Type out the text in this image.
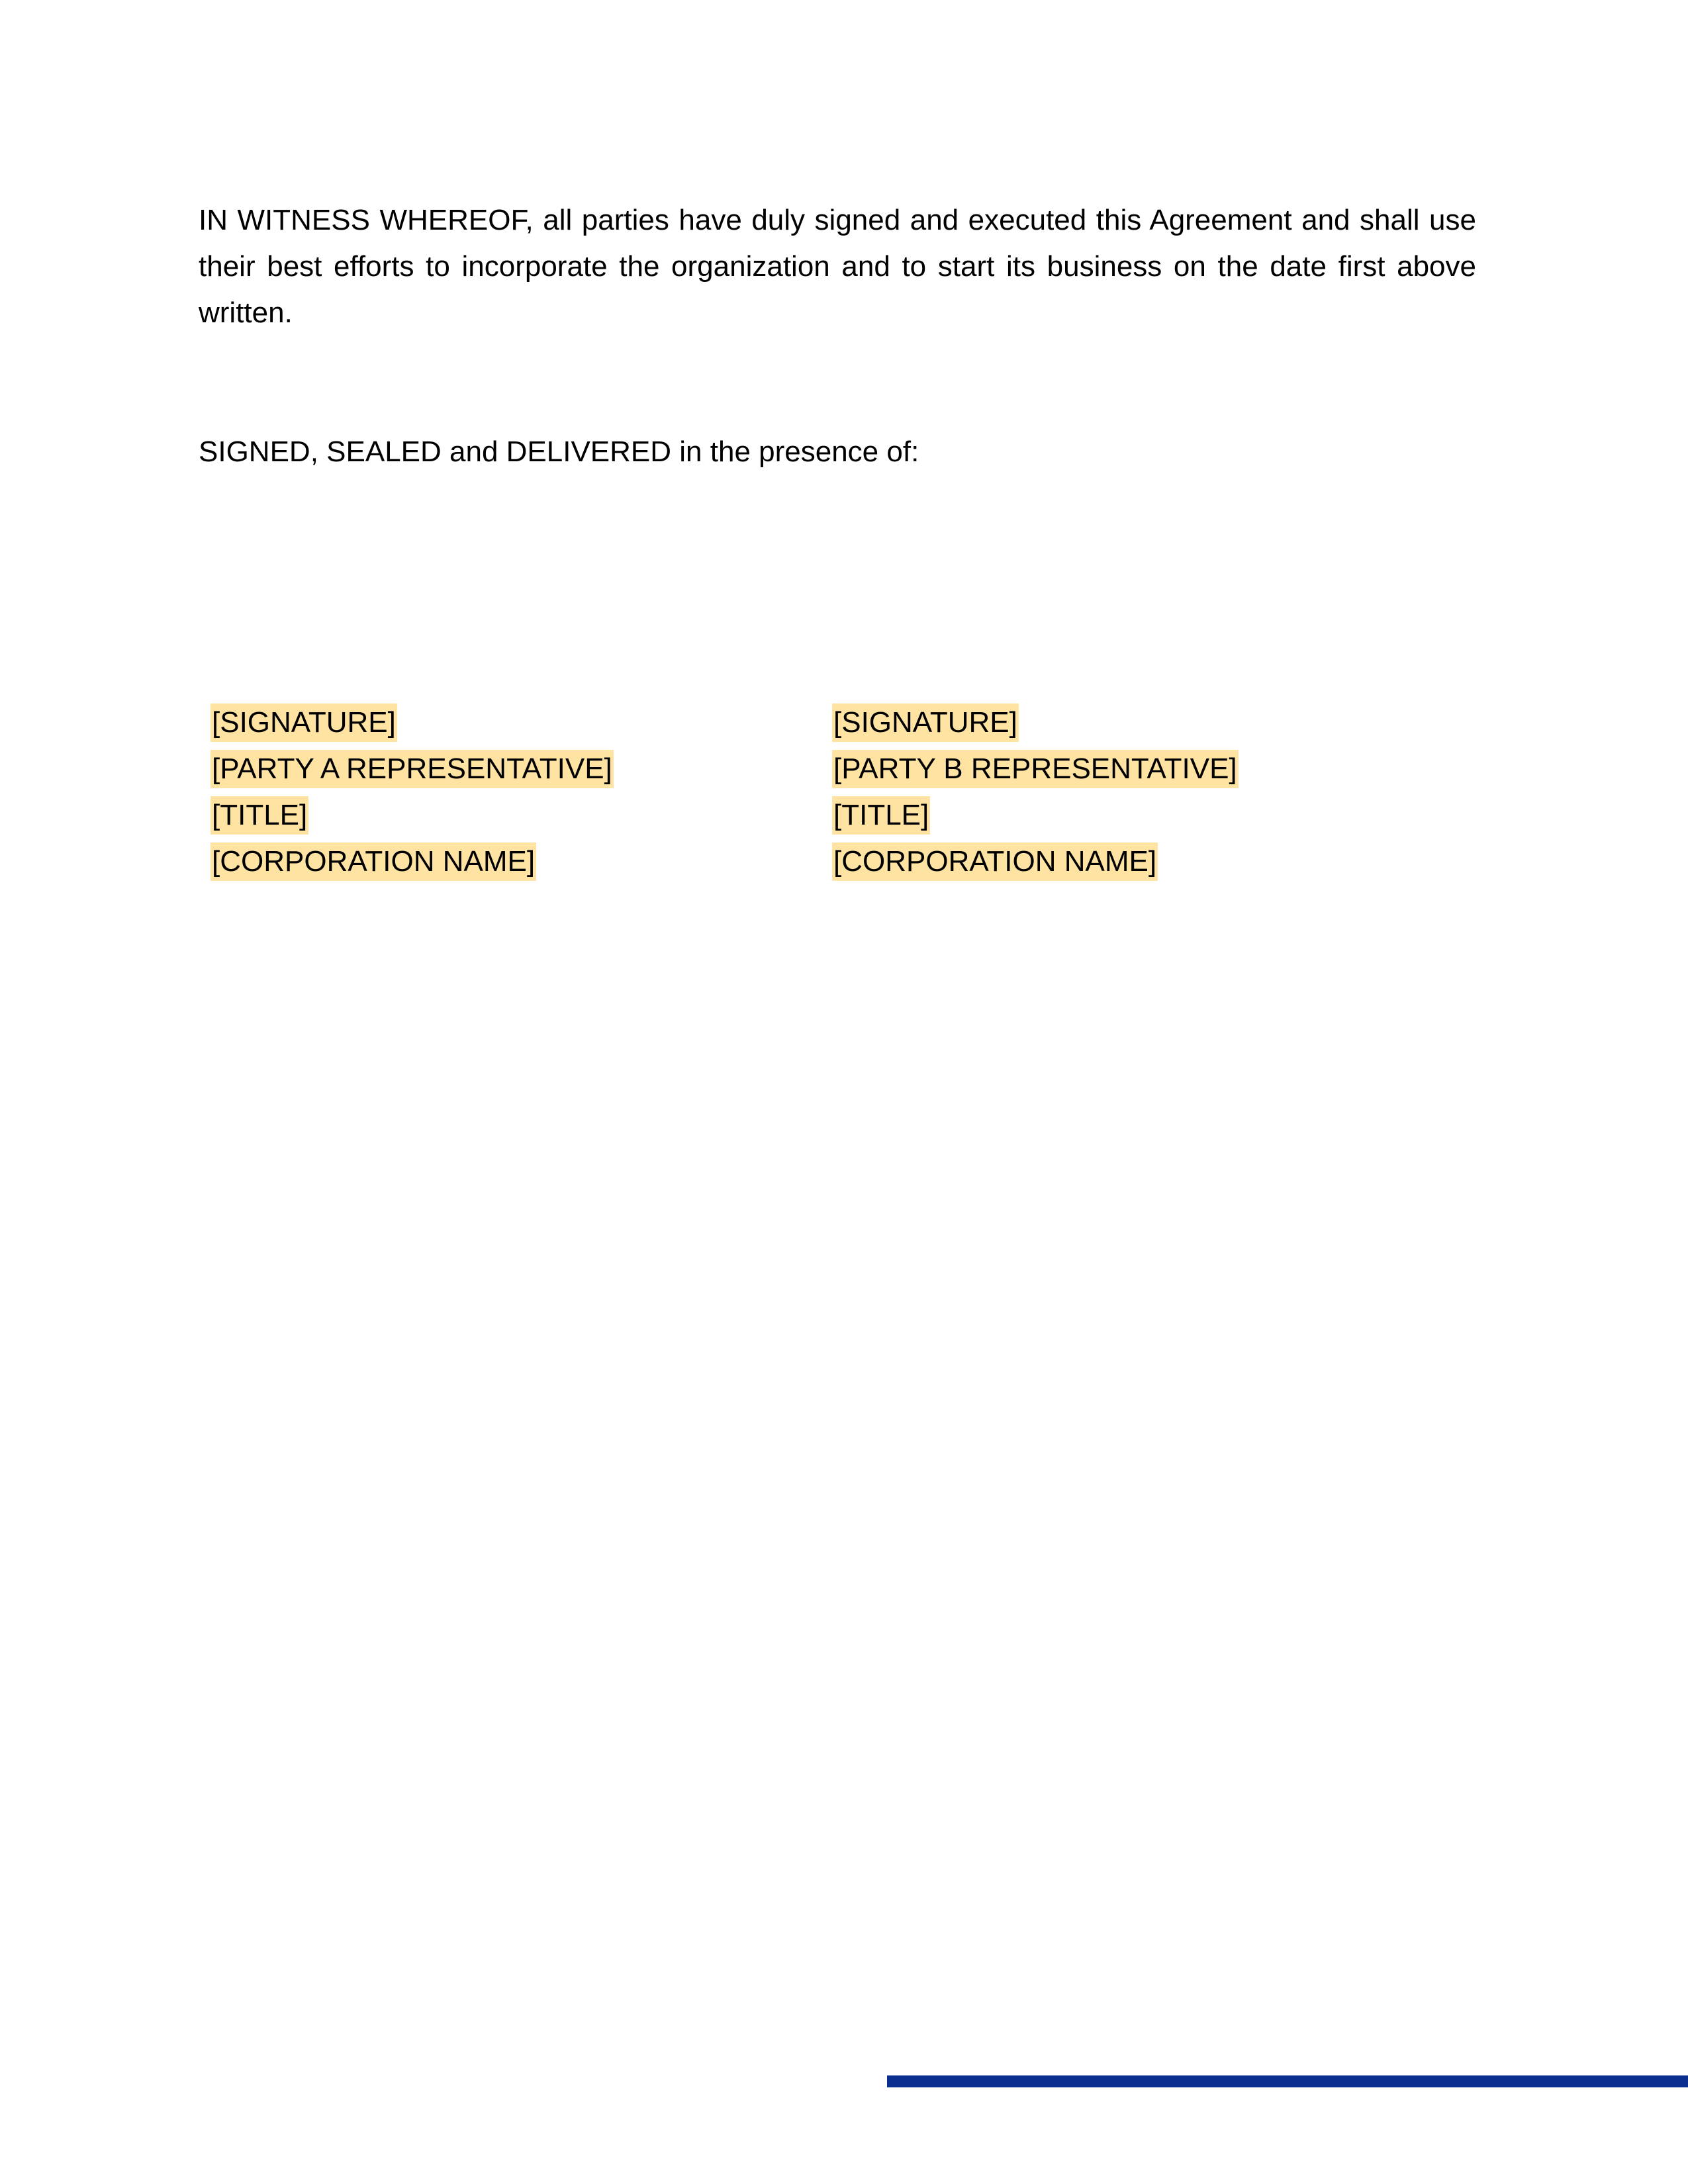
IN WITNESS WHEREOF, all parties have duly signed and executed this Agreement and shall use their best efforts to incorporate the organization and to start its business on the date first above written.

SIGNED, SEALED and DELIVERED in the presence of:

[SIGNATURE]
[PARTY A REPRESENTATIVE]
[TITLE]
[CORPORATION NAME]
[SIGNATURE]
[PARTY B REPRESENTATIVE]
[TITLE]
[CORPORATION NAME]
